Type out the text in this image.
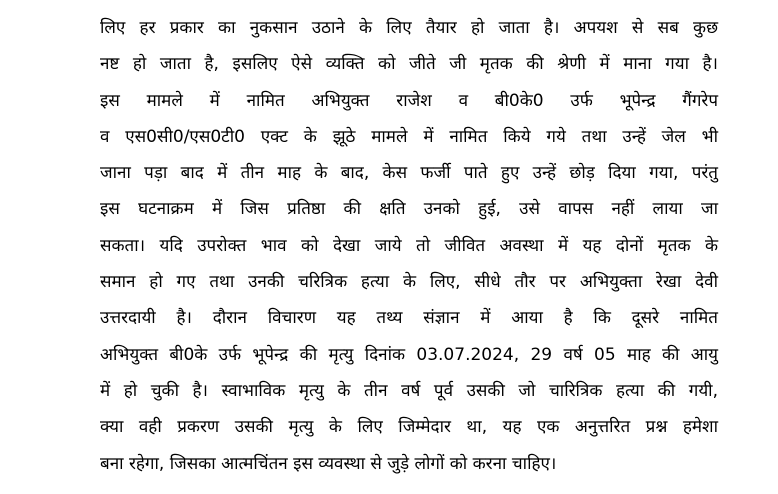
लिए हर प्रकार का नुकसान उठाने के लिए तैयार हो जाता है। अपयश से सब कुछ
नष्ट हो जाता है, इसलिए ऐसे व्यक्ति को जीते जी मृतक की श्रेणी में माना गया है।
इस मामले में नामित अभियुक्त राजेश व बी0के0 उर्फ भूपेन्द्र गैंगरेप
व एस0सी0/एस0टी0 एक्ट के झूठे मामले में नामित किये गये तथा उन्हें जेल भी
जाना पड़ा बाद में तीन माह के बाद, केस फर्जी पाते हुए उन्हें छोड़ दिया गया, परंतु
इस घटनाक्रम में जिस प्रतिष्ठा की क्षति उनको हुई, उसे वापस नहीं लाया जा
सकता। यदि उपरोक्त भाव को देखा जाये तो जीवित अवस्था में यह दोनों मृतक के
समान हो गए तथा उनकी चरित्रिक हत्या के लिए, सीधे तौर पर अभियुक्ता रेखा देवी
उत्तरदायी है। दौरान विचारण यह तथ्य संज्ञान में आया है कि दूसरे नामित
अभियुक्त बी0के उर्फ भूपेन्द्र की मृत्यु दिनांक 03.07.2024, 29 वर्ष 05 माह की आयु
में हो चुकी है। स्वाभाविक मृत्यु के तीन वर्ष पूर्व उसकी जो चारित्रिक हत्या की गयी,
क्या वही प्रकरण उसकी मृत्यु के लिए जिम्मेदार था, यह एक अनुत्तरित प्रश्न हमेशा
बना रहेगा, जिसका आत्मचिंतन इस व्यवस्था से जुड़े लोगों को करना चाहिए।
